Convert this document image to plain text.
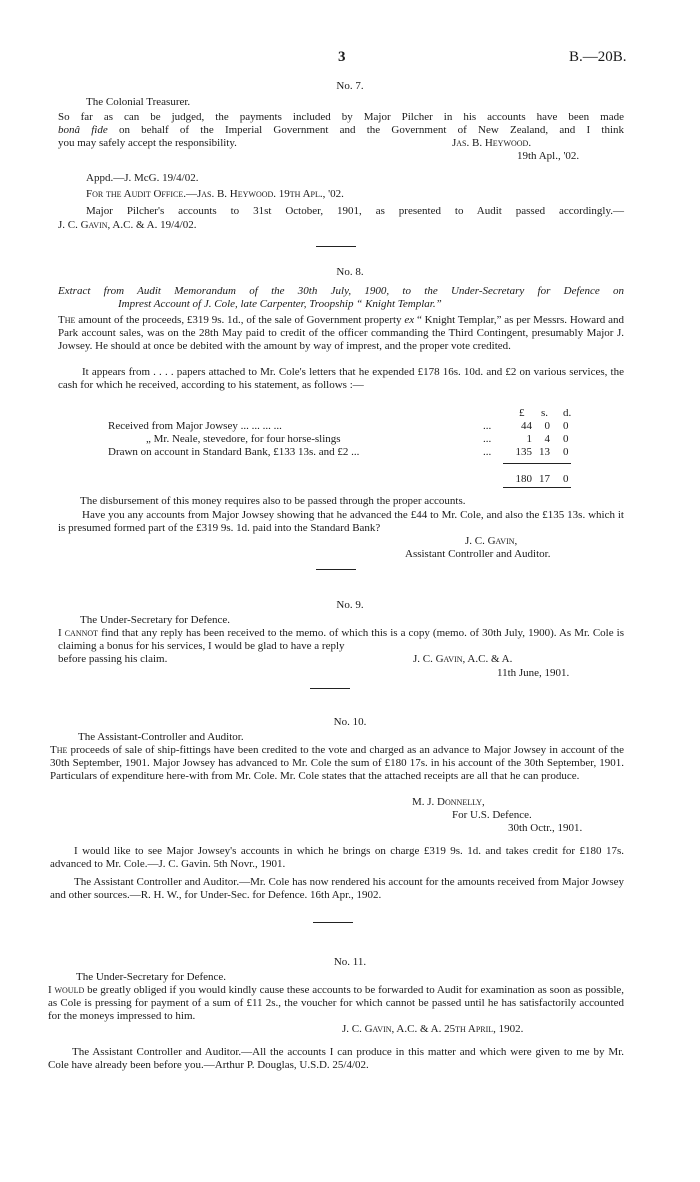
3	B.—20B.
No. 7.
The Colonial Treasurer.
So far as can be judged, the payments included by Major Pilcher in his accounts have been made
bonâ fide on behalf of the Imperial Government and the Government of New Zealand, and I think
you may safely accept the responsibility.	Jas. B. Heywood.
19th Apl., '02.
Appd.—J. McG. 19/4/02.
For the Audit Office.—Jas. B. Heywood. 19th Apl., '02.
Major Pilcher's accounts to 31st October, 1901, as presented to Audit passed accordingly.—
J. C. Gavin, A.C. & A. 19/4/02.
No. 8.
Extract from Audit Memorandum of the 30th July, 1900, to the Under-Secretary for Defence on
Imprest Account of J. Cole, late Carpenter, Troopship “ Knight Templar.”
The amount of the proceeds, £319 9s. 1d., of the sale of Government property ex “ Knight Templar,” as per Messrs. Howard and Park account sales, was on the 28th May paid to credit of the officer commanding the Third Contingent, presumably Major J. Jowsey. He should at once be debited with the amount by way of imprest, and the proper vote credited.
It appears from . . . . papers attached to Mr. Cole's letters that he expended £178 16s. 10d. and £2 on various services, the cash for which he received, according to his statement, as follows :—
£ s. d.
Received from Major Jowsey ... ... ... ...	...	44	0 0
„ Mr. Neale, stevedore, for four horse-slings	...	1	4 0
Drawn on account in Standard Bank, £133 13s. and £2 ...	...	135 13 0
180 17 0
The disbursement of this money requires also to be passed through the proper accounts.
Have you any accounts from Major Jowsey showing that he advanced the £44 to Mr. Cole, and also the £135 13s. which it is presumed formed part of the £319 9s. 1d. paid into the Standard Bank?
J. C. Gavin,
Assistant Controller and Auditor.
No. 9.
The Under-Secretary for Defence.
I cannot find that any reply has been received to the memo. of which this is a copy (memo. of 30th July, 1900). As Mr. Cole is claiming a bonus for his services, I would be glad to have a reply
before passing his claim.	J. C. Gavin, A.C. & A.
11th June, 1901.
No. 10.
The Assistant-Controller and Auditor.
The proceeds of sale of ship-fittings have been credited to the vote and charged as an advance to Major Jowsey in account of the 30th September, 1901. Major Jowsey has advanced to Mr. Cole the sum of £180 17s. in his account of the 30th September, 1901. Particulars of expenditure here-with from Mr. Cole. Mr. Cole states that the attached receipts are all that he can produce.
M. J. Donnelly,
For U.S. Defence.
30th Octr., 1901.
I would like to see Major Jowsey's accounts in which he brings on charge £319 9s. 1d. and takes credit for £180 17s. advanced to Mr. Cole.—J. C. Gavin. 5th Novr., 1901.
The Assistant Controller and Auditor.—Mr. Cole has now rendered his account for the amounts received from Major Jowsey and other sources.—R. H. W., for Under-Sec. for Defence. 16th Apr., 1902.
No. 11.
The Under-Secretary for Defence.
I would be greatly obliged if you would kindly cause these accounts to be forwarded to Audit for examination as soon as possible, as Cole is pressing for payment of a sum of £11 2s., the voucher for which cannot be passed until he has satisfactorily accounted for the moneys impressed to him.
J. C. Gavin, A.C. & A. 25th April, 1902.
The Assistant Controller and Auditor.—All the accounts I can produce in this matter and which were given to me by Mr. Cole have already been before you.—Arthur P. Douglas, U.S.D. 25/4/02.
